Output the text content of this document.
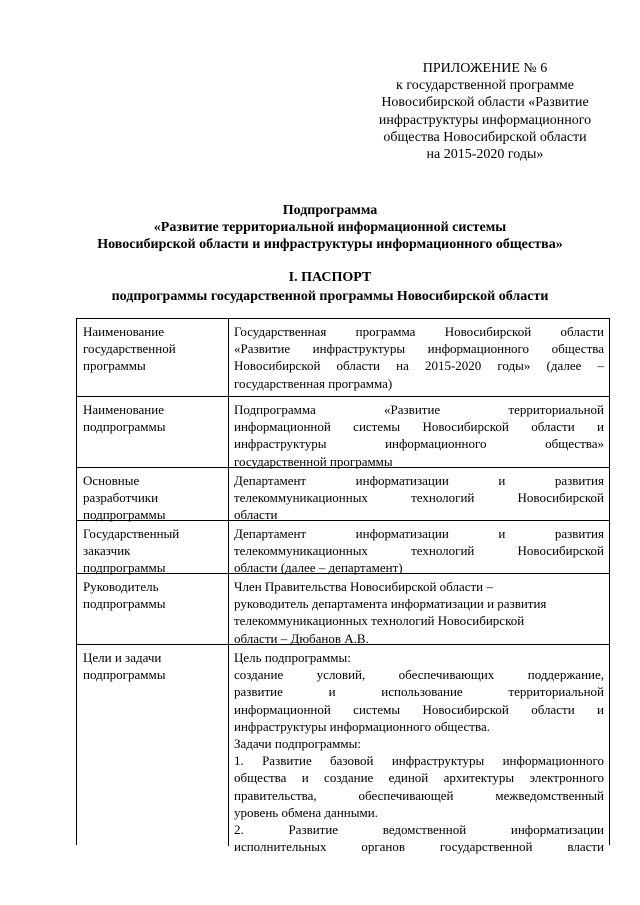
ПРИЛОЖЕНИЕ № 6
к государственной программе
Новосибирской области «Развитие
инфраструктуры информационного
общества Новосибирской области
на 2015-2020 годы»
Подпрограмма
«Развитие территориальной информационной системы
Новосибирской области и инфраструктуры информационного общества»
I. ПАСПОРТ
подпрограммы государственной программы Новосибирской области
Наименование
государственной
программы
Государственная программа Новосибирской области
«Развитие инфраструктуры информационного общества
Новосибирской области на 2015-2020 годы» (далее –
государственная программа)
Наименование
подпрограммы
Подпрограмма «Развитие территориальной
информационной системы Новосибирской области и
инфраструктуры информационного общества»
государственной программы
Основные
разработчики
подпрограммы
Департамент информатизации и развития
телекоммуникационных технологий Новосибирской
области
Государственный
заказчик
подпрограммы
Департамент информатизации и развития
телекоммуникационных технологий Новосибирской
области (далее – департамент)
Руководитель
подпрограммы
Член Правительства Новосибирской области –
руководитель департамента информатизации и развития
телекоммуникационных технологий Новосибирской
области – Дюбанов А.В.
Цели и задачи
подпрограммы
Цель подпрограммы:
создание условий, обеспечивающих поддержание,
развитие и использование территориальной
информационной системы Новосибирской области и
инфраструктуры информационного общества.
Задачи подпрограммы:
1. Развитие базовой инфраструктуры информационного
общества и создание единой архитектуры электронного
правительства, обеспечивающей межведомственный
уровень обмена данными.
2. Развитие ведомственной информатизации
исполнительных органов государственной власти
